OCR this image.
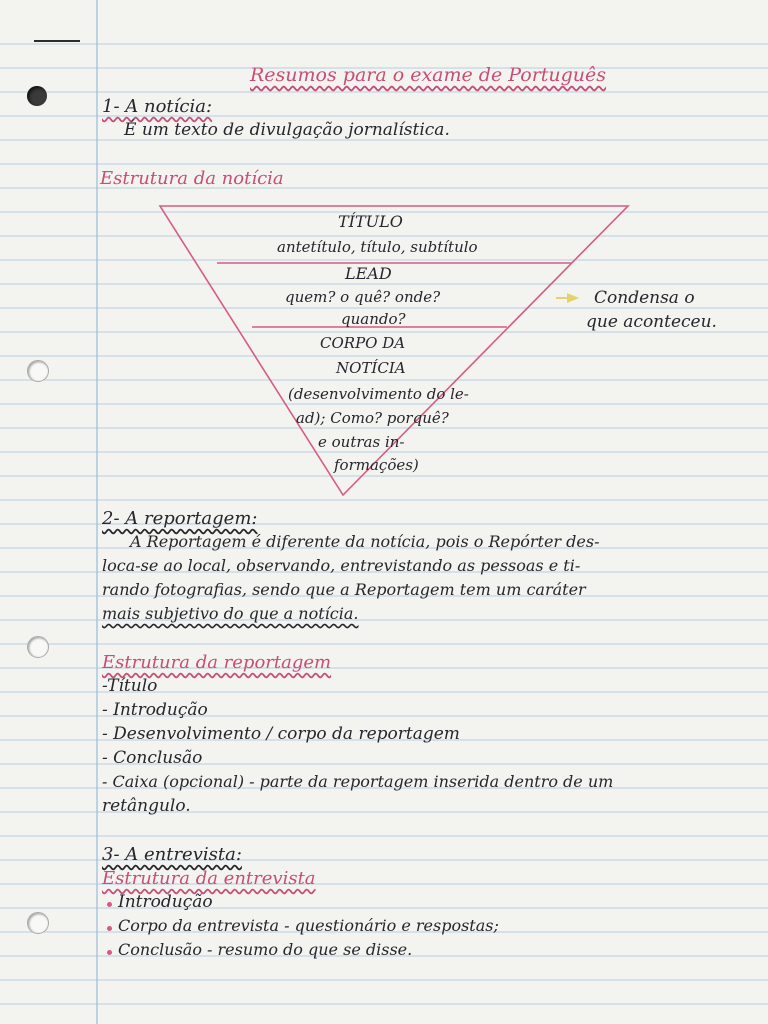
Resumos para o exame de Português
1- A notícia:
É um texto de divulgação jornalística.
Estrutura da notícia
TÍTULO
antetítulo, título, subtítulo
LEAD
quem? o quê? onde?
quando?
CORPO DA
NOTÍCIA
(desenvolvimento do le-
ad); Como? porquê?
e outras in-
formações)
Condensa o
que aconteceu.
2- A reportagem:
A Reportagem é diferente da notícia, pois o Repórter des-
loca-se ao local, observando, entrevistando as pessoas e ti-
rando fotografias, sendo que a Reportagem tem um caráter
mais subjetivo do que a notícia.
Estrutura da reportagem
-Título
- Introdução
- Desenvolvimento / corpo da reportagem
- Conclusão
- Caixa (opcional) - parte da reportagem inserida dentro de um
retângulo.
3- A entrevista:
Estrutura da entrevista
Introdução
Corpo da entrevista - questionário e respostas;
Conclusão - resumo do que se disse.
